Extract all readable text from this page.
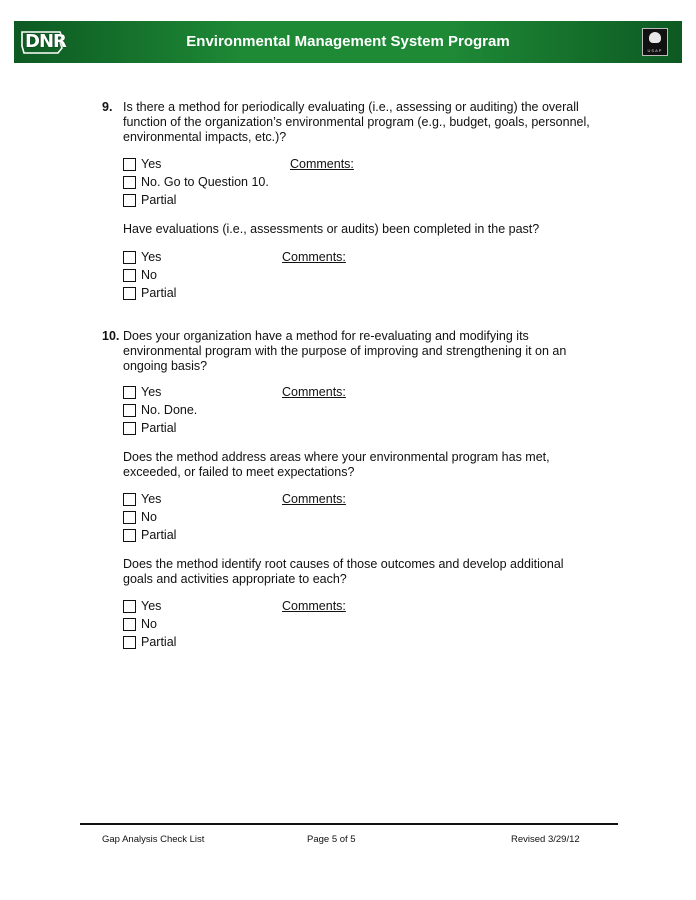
DNR	Environmental Management System Program
USAP
9. Is there a method for periodically evaluating (i.e., assessing or auditing) the overall
function of the organization’s environmental program (e.g., budget, goals, personnel,
environmental impacts, etc.)?
Yes
No. Go to Question 10.
Partial
Comments:
Have evaluations (i.e., assessments or audits) been completed in the past?
Yes
No
Partial
Comments:
10. Does your organization have a method for re-evaluating and modifying its
environmental program with the purpose of improving and strengthening it on an
ongoing basis?
Yes
No. Done.
Partial
Comments:
Does the method address areas where your environmental program has met,
exceeded, or failed to meet expectations?
Yes
No
Partial
Comments:
Does the method identify root causes of those outcomes and develop additional
goals and activities appropriate to each?
Yes
No
Partial
Comments:
Gap Analysis Check List	Page 5 of 5	Revised 3/29/12
